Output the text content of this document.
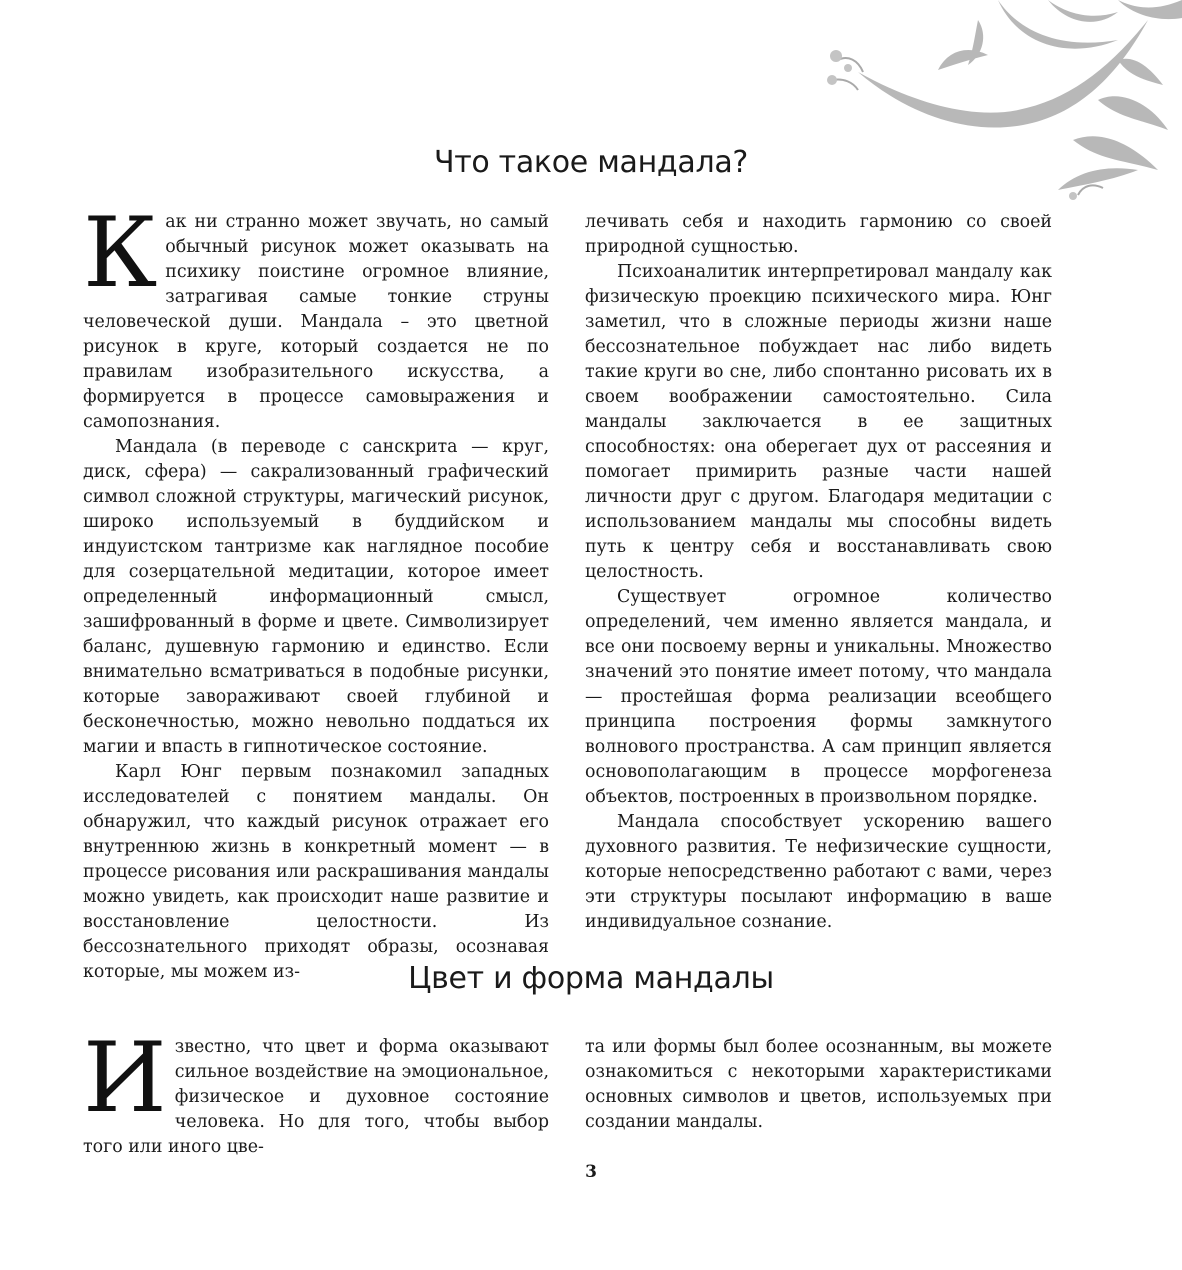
Что такое мандала?

Как ни странно может звучать, но самый обычный рисунок может оказывать на психику поистине огромное влияние, затрагивая самые тонкие струны человеческой души. Мандала – это цветной рисунок в круге, который создается не по правилам изобразительного искусства, а формируется в процессе самовыражения и самопознания.

Мандала (в переводе с санскрита — круг, диск, сфера) — сакрализованный графический символ сложной структуры, магический рисунок, широко используемый в буддийском и индуистском тантризме как наглядное пособие для созерцательной медитации, которое имеет определенный информационный смысл, зашифрованный в форме и цвете. Символизирует баланс, душевную гармонию и единство. Если внимательно всматриваться в подобные рисунки, которые завораживают своей глубиной и бесконечностью, можно невольно поддаться их магии и впасть в гипнотическое состояние.

Карл Юнг первым познакомил западных исследователей с понятием мандалы. Он обнаружил, что каждый рисунок отражает его внутреннюю жизнь в конкретный момент — в процессе рисования или раскрашивания мандалы можно увидеть, как происходит наше развитие и восстановление целостности. Из бессознательного приходят образы, осознавая которые, мы можем из-

лечивать себя и находить гармонию со своей природной сущностью.

Психоаналитик интерпретировал мандалу как физическую проекцию психического мира. Юнг заметил, что в сложные периоды жизни наше бессознательное побуждает нас либо видеть такие круги во сне, либо спонтанно рисовать их в своем воображении самостоятельно. Сила мандалы заключается в ее защитных способностях: она оберегает дух от рассеяния и помогает примирить разные части нашей личности друг с другом. Благодаря медитации с использованием мандалы мы способны видеть путь к центру себя и восстанавливать свою целостность.

Существует огромное количество определений, чем именно является мандала, и все они посвоему верны и уникальны. Множество значений это понятие имеет потому, что мандала — простейшая форма реализации всеобщего принципа построения формы замкнутого волнового пространства. А сам принцип является основополагающим в процессе морфогенеза объектов, построенных в произвольном порядке.

Мандала способствует ускорению вашего духовного развития. Те нефизические сущности, которые непосредственно работают с вами, через эти структуры посылают информацию в ваше индивидуальное сознание.

Цвет и форма мандалы

Известно, что цвет и форма оказывают сильное воздействие на эмоциональное, физическое и духовное состояние человека. Но для того, чтобы выбор того или иного цве-

та или формы был более осознанным, вы можете ознакомиться с некоторыми характеристиками основных символов и цветов, используемых при создании мандалы.

3
